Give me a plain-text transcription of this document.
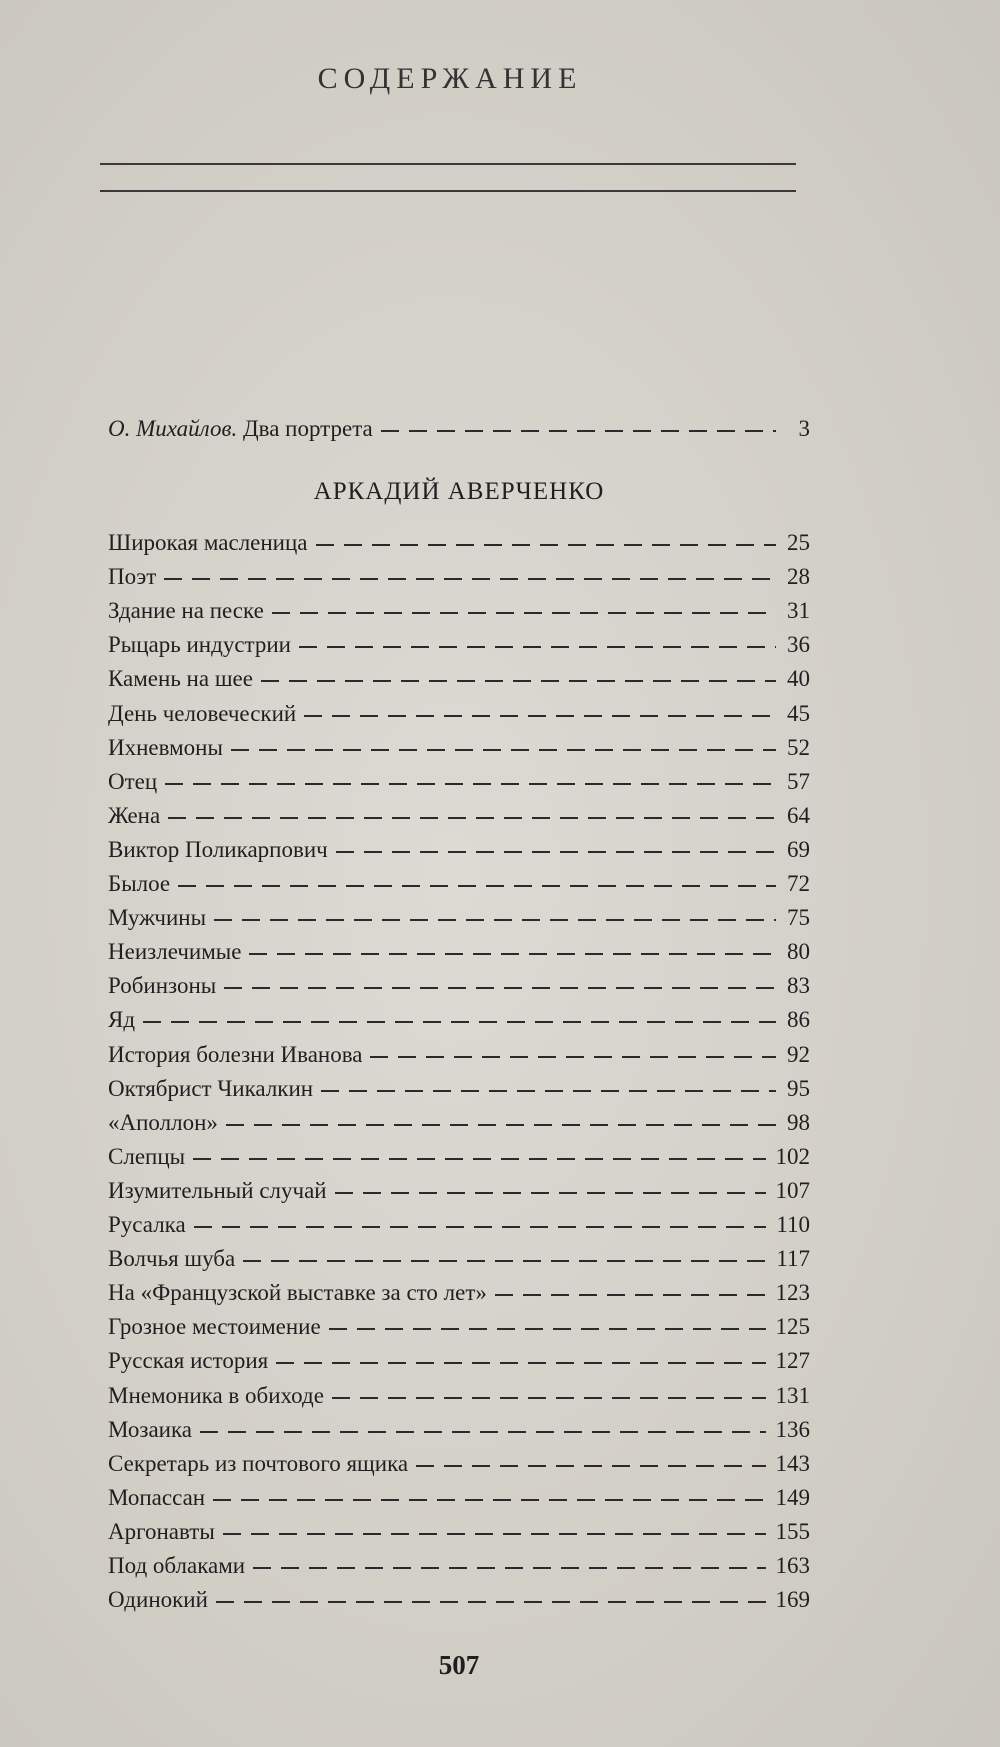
СОДЕРЖАНИЕ
О. Михайлов. Два портрета	3
АРКАДИЙ АВЕРЧЕНКО
Широкая масленица	25
Поэт	28
Здание на песке	31
Рыцарь индустрии	36
Камень на шее	40
День человеческий	45
Ихневмоны	52
Отец	57
Жена	64
Виктор Поликарпович	69
Былое	72
Мужчины	75
Неизлечимые	80
Робинзоны	83
Яд	86
История болезни Иванова	92
Октябрист Чикалкин	95
«Аполлон»	98
Слепцы	102
Изумительный случай	107
Русалка	110
Волчья шуба	117
На «Французской выставке за сто лет»	123
Грозное местоимение	125
Русская история	127
Мнемоника в обиходе	131
Мозаика	136
Секретарь из почтового ящика	143
Мопассан	149
Аргонавты	155
Под облаками	163
Одинокий	169
507
